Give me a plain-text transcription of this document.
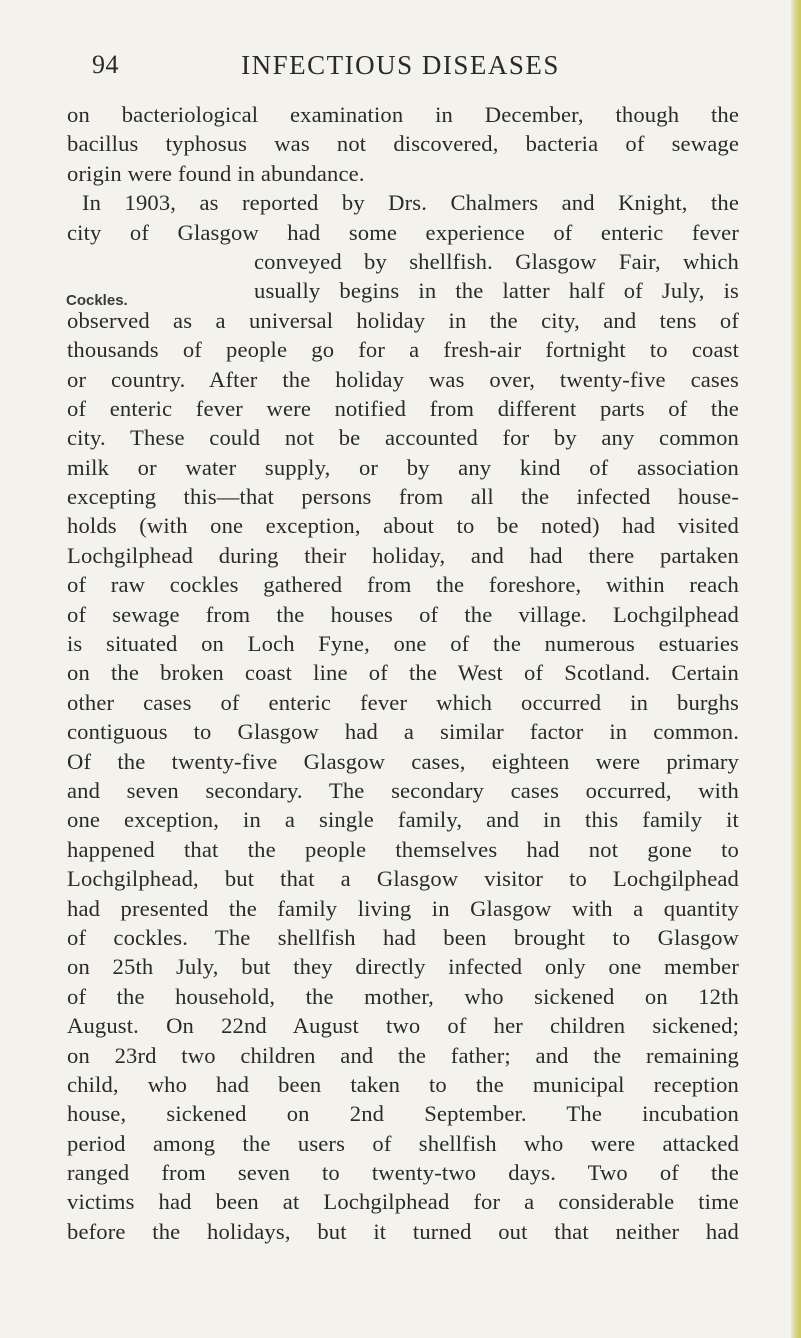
94	INFECTIOUS DISEASES
Cockles.
on bacteriological examination in December, though the
bacillus typhosus was not discovered, bacteria of sewage
origin were found in abundance.
In 1903, as reported by Drs. Chalmers and Knight, the
city of Glasgow had some experience of enteric fever
conveyed by shellfish. Glasgow Fair, which
usually begins in the latter half of July, is
observed as a universal holiday in the city, and tens of
thousands of people go for a fresh-air fortnight to coast
or country. After the holiday was over, twenty-five cases
of enteric fever were notified from different parts of the
city. These could not be accounted for by any common
milk or water supply, or by any kind of association
excepting this—that persons from all the infected house-
holds (with one exception, about to be noted) had visited
Lochgilphead during their holiday, and had there partaken
of raw cockles gathered from the foreshore, within reach
of sewage from the houses of the village. Lochgilphead
is situated on Loch Fyne, one of the numerous estuaries
on the broken coast line of the West of Scotland. Certain
other cases of enteric fever which occurred in burghs
contiguous to Glasgow had a similar factor in common.
Of the twenty-five Glasgow cases, eighteen were primary
and seven secondary. The secondary cases occurred, with
one exception, in a single family, and in this family it
happened that the people themselves had not gone to
Lochgilphead, but that a Glasgow visitor to Lochgilphead
had presented the family living in Glasgow with a quantity
of cockles. The shellfish had been brought to Glasgow
on 25th July, but they directly infected only one member
of the household, the mother, who sickened on 12th
August. On 22nd August two of her children sickened;
on 23rd two children and the father; and the remaining
child, who had been taken to the municipal reception
house, sickened on 2nd September. The incubation
period among the users of shellfish who were attacked
ranged from seven to twenty-two days. Two of the
victims had been at Lochgilphead for a considerable time
before the holidays, but it turned out that neither had
